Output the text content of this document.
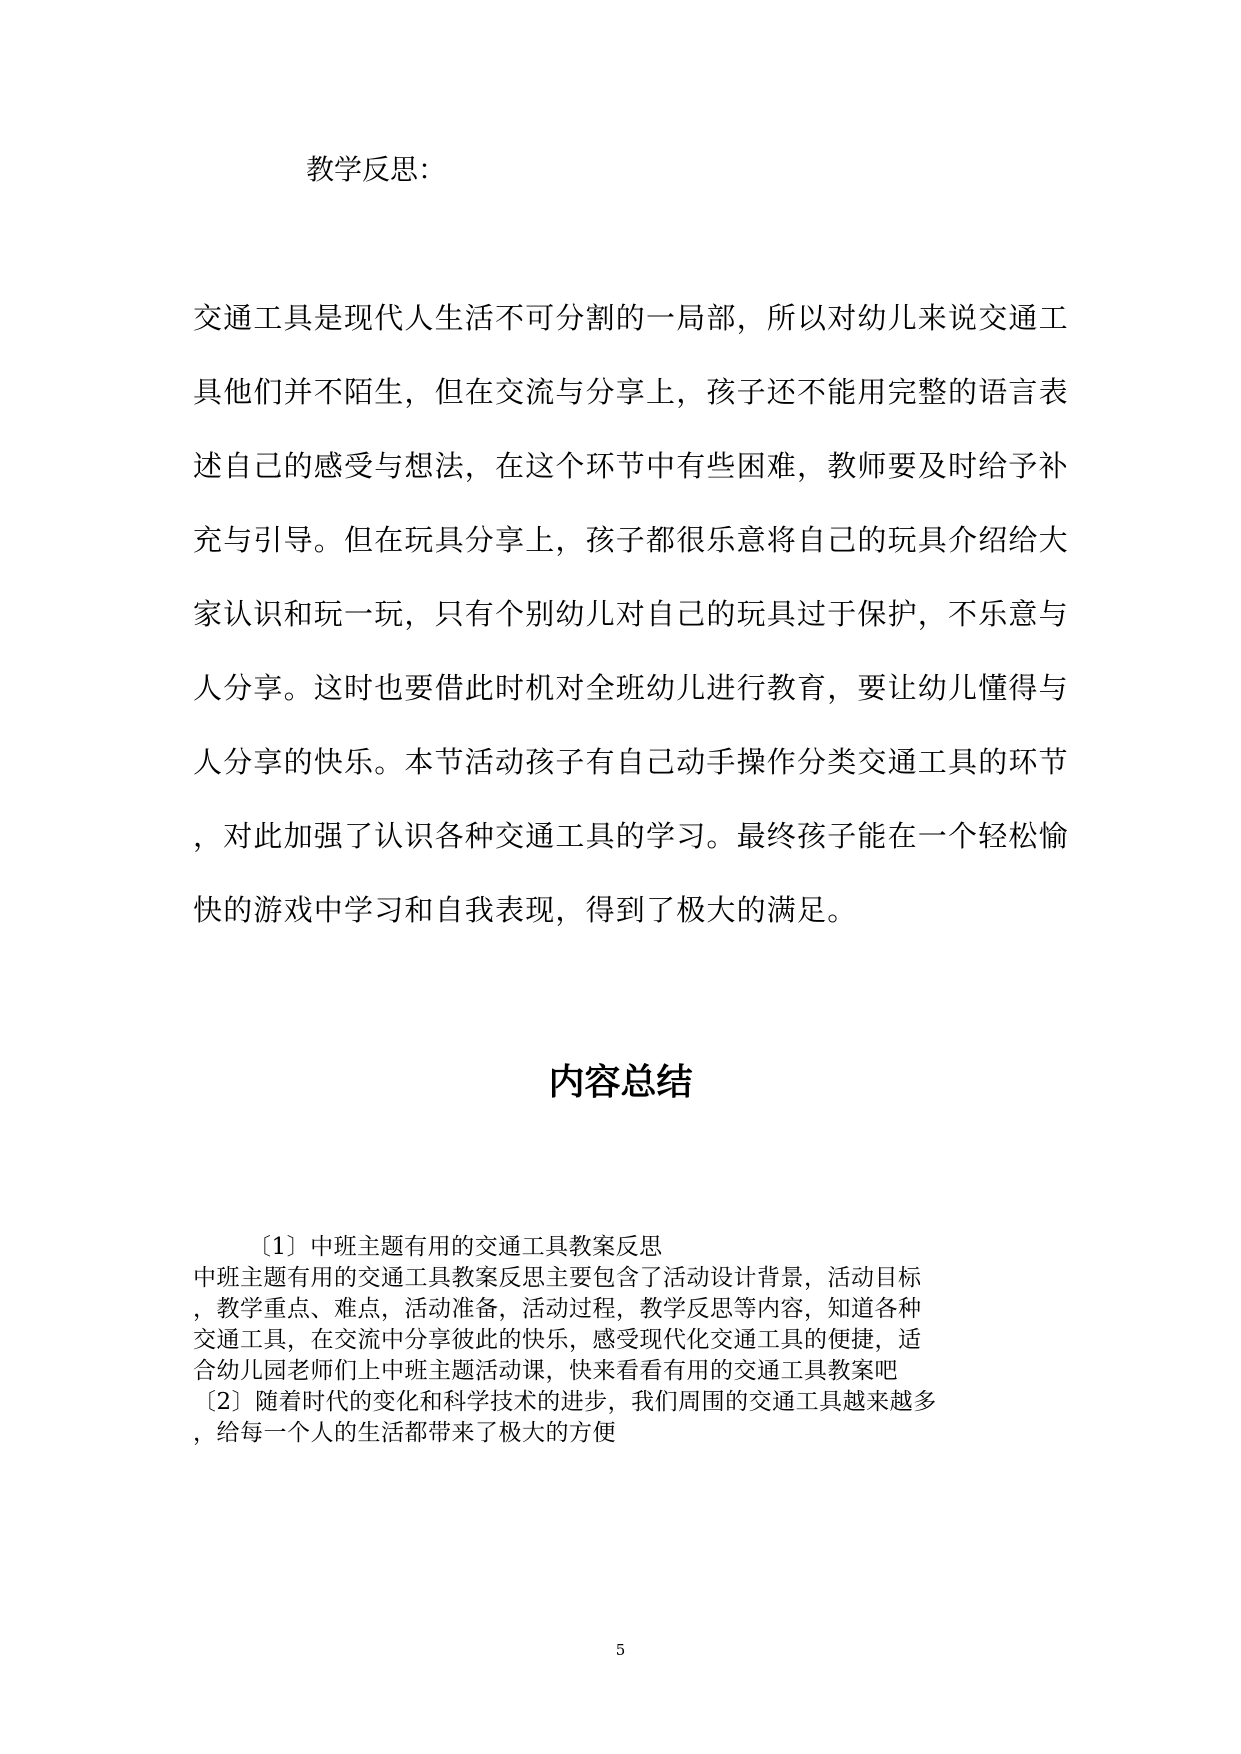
教学反思：
交通工具是现代人生活不可分割的一局部，所以对幼儿来说交通工
具他们并不陌生，但在交流与分享上，孩子还不能用完整的语言表
述自己的感受与想法，在这个环节中有些困难，教师要及时给予补
充与引导。但在玩具分享上，孩子都很乐意将自己的玩具介绍给大
家认识和玩一玩，只有个别幼儿对自己的玩具过于保护，不乐意与
人分享。这时也要借此时机对全班幼儿进行教育，要让幼儿懂得与
人分享的快乐。本节活动孩子有自己动手操作分类交通工具的环节
，对此加强了认识各种交通工具的学习。最终孩子能在一个轻松愉
快的游戏中学习和自我表现，得到了极大的满足。
内容总结
〔1〕中班主题有用的交通工具教案反思
中班主题有用的交通工具教案反思主要包含了活动设计背景，活动目标
，教学重点、难点，活动准备，活动过程，教学反思等内容，知道各种
交通工具，在交流中分享彼此的快乐，感受现代化交通工具的便捷，适
合幼儿园老师们上中班主题活动课，快来看看有用的交通工具教案吧
〔2〕随着时代的变化和科学技术的进步，我们周围的交通工具越来越多
，给每一个人的生活都带来了极大的方便
5
